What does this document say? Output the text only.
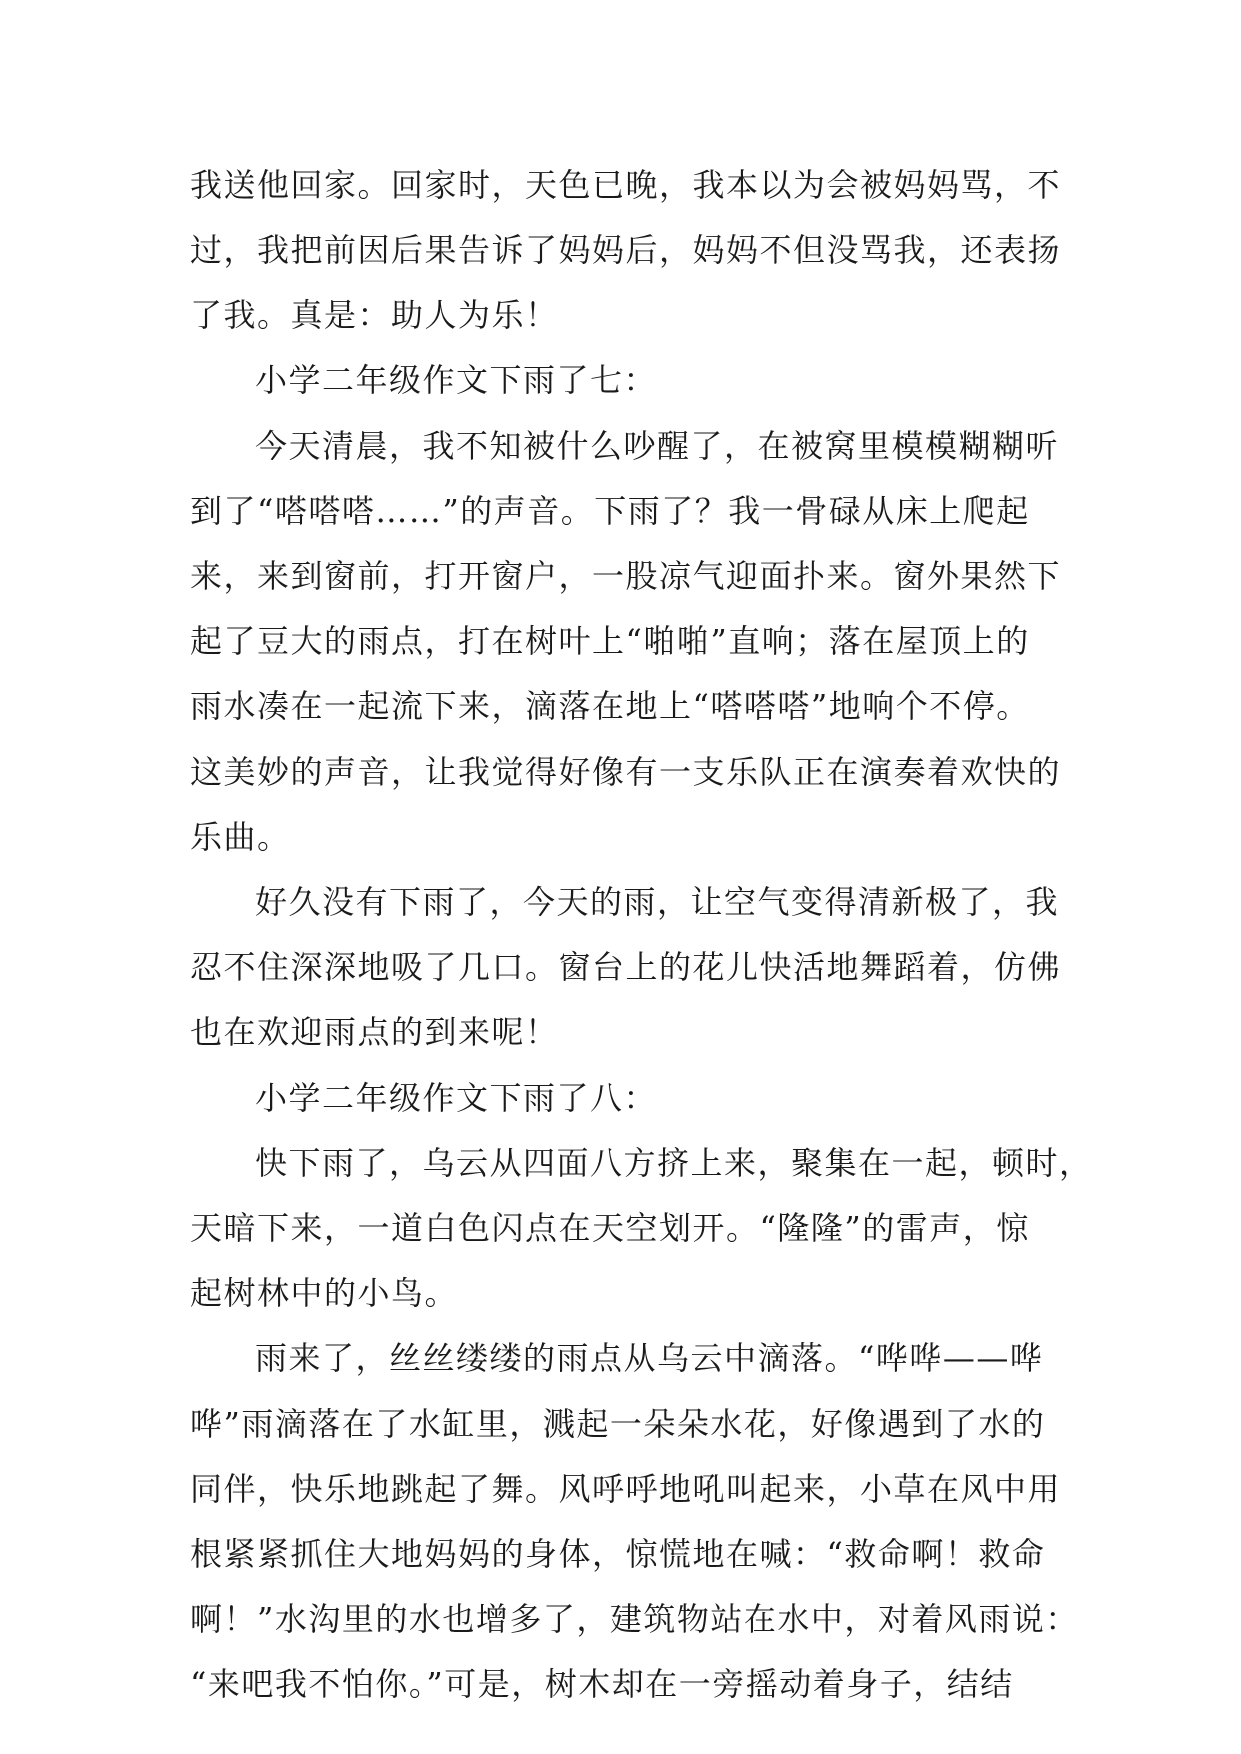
我送他回家。回家时，天色已晚，我本以为会被妈妈骂，不
过，我把前因后果告诉了妈妈后，妈妈不但没骂我，还表扬
了我。真是：助人为乐！
小学二年级作文下雨了七：
今天清晨，我不知被什么吵醒了，在被窝里模模糊糊听
到了“嗒嗒嗒……”的声音。下雨了？我一骨碌从床上爬起
来，来到窗前，打开窗户，一股凉气迎面扑来。窗外果然下
起了豆大的雨点，打在树叶上“啪啪”直响；落在屋顶上的
雨水凑在一起流下来，滴落在地上“嗒嗒嗒”地响个不停。
这美妙的声音，让我觉得好像有一支乐队正在演奏着欢快的
乐曲。
好久没有下雨了，今天的雨，让空气变得清新极了，我
忍不住深深地吸了几口。窗台上的花儿快活地舞蹈着，仿佛
也在欢迎雨点的到来呢！
小学二年级作文下雨了八：
快下雨了，乌云从四面八方挤上来，聚集在一起，顿时，
天暗下来，一道白色闪点在天空划开。“隆隆”的雷声，惊
起树林中的小鸟。
雨来了，丝丝缕缕的雨点从乌云中滴落。“哗哗——哗
哗”雨滴落在了水缸里，溅起一朵朵水花，好像遇到了水的
同伴，快乐地跳起了舞。风呼呼地吼叫起来，小草在风中用
根紧紧抓住大地妈妈的身体，惊慌地在喊：“救命啊！救命
啊！”水沟里的水也增多了，建筑物站在水中，对着风雨说：
“来吧我不怕你。”可是，树木却在一旁摇动着身子，结结
